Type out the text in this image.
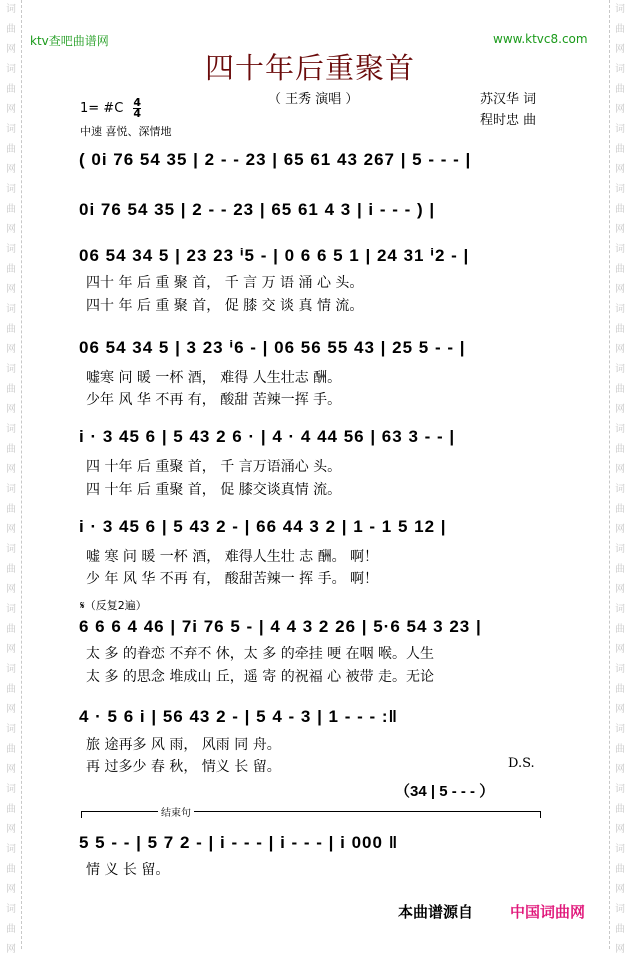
词
曲
网
词
曲
网
词
曲
网
词
曲
网
词
曲
网
词
曲
网
词
曲
网
词
曲
网
词
曲
网
词
曲
网
词
曲
网
词
曲
网
词
曲
网
词
曲
网
词
曲
网
词
曲
网
词
曲
网
词
曲
网
词
曲
网
词
曲
网
词
曲
网
词
曲
网
词
曲
网
词
曲
网
词
曲
网
词
曲
网
词
曲
网
词
曲
网
词
曲
网
词
曲
网
词
曲
网
词
曲
网
ktv查吧曲谱网	www.ktvc8.com
四十年后重聚首
（ 王秀 演唱 ）	苏汉华 词
程时忠 曲
1= #C $\frac{4}{4}$
中速 喜悦、深情地
( 0i 76 54 35 | 2 - - 23 | 65 61 43 267 | 5 - - - |
0i 76 54 35 | 2 - - 23 | 65 61 4 3 | i - - - ) |
06 54 34 5 | 23 23 ⁱ5 - | 0 6 6 5 1 | 24 31 ⁱ2 - |
四十 年 后 重 聚 首， 千 言 万 语 涌 心 头。
四十 年 后 重 聚 首， 促 膝 交 谈 真 情 流。
06 54 34 5 | 3 23 ⁱ6 - | 06 56 55 43 | 25 5 - - |
嘘寒 问 暖 一杯 酒， 难得 人生壮志 酬。
少年 风 华 不再 有， 酸甜 苦辣一挥 手。
i · 3 45 6 | 5 43 2 6 · | 4 · 4 44 56 | 63 3 - - |
四 十年 后 重聚 首， 千 言万语涌心 头。
四 十年 后 重聚 首， 促 膝交谈真情 流。
i · 3 45 6 | 5 43 2 - | 66 44 3 2 | 1 - 1 5 12 |
嘘 寒 问 暖 一杯 酒， 难得人生壮 志 酬。 啊！
少 年 风 华 不再 有， 酸甜苦辣一 挥 手。 啊！
𝄋（反复2遍）
6 6 6 4 46 | 7i 76 5 - | 4 4 3 2 26 | 5·6 54 3 23 |
太 多 的眷恋 不弃不 休，太 多 的牵挂 哽 在咽 喉。人生
太 多 的思念 堆成山 丘，遥 寄 的祝福 心 被带 走。无论
4 · 5 6 i | 56 43 2 - | 5 4 - 3 | 1 - - - :‖
旅 途再多 风 雨， 风雨 同 舟。
再 过多少 春 秋， 情义 长 留。	D.S.
（34 | 5 - - - ）
结束句
5 5 - - | 5 7 2 - | i - - - | i - - - | i 000 ‖
情 义 长 留。
本曲谱源自 中国词曲网
